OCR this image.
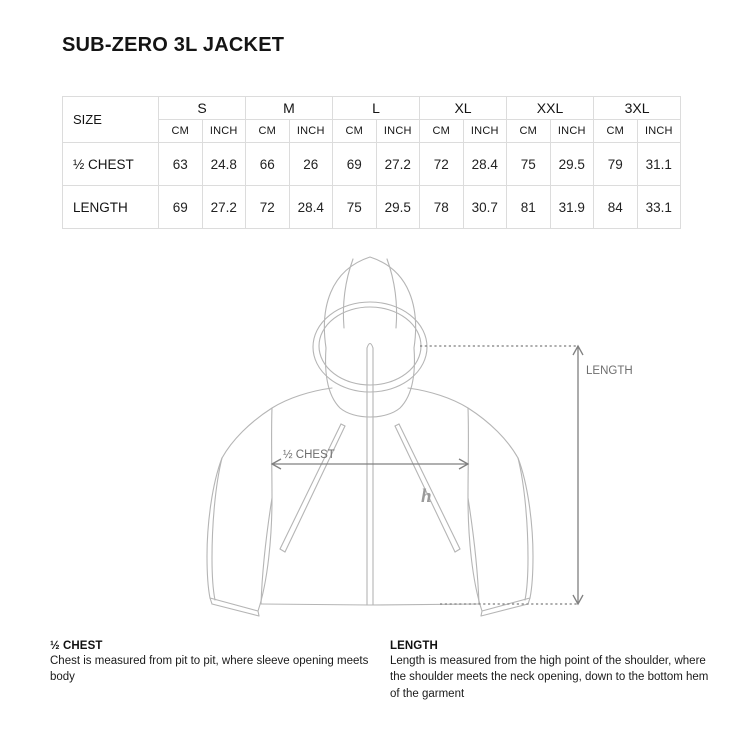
SUB-ZERO 3L JACKET
SIZE	S		M		L		XL		XXL		3XL	
	CM	INCH	CM	INCH	CM	INCH	CM	INCH	CM	INCH	CM	INCH
½ CHEST	63	24.8	66	26	69	27.2	72	28.4	75	29.5	79	31.1
LENGTH	69	27.2	72	28.4	75	29.5	78	30.7	81	31.9	84	33.1
h
½ CHEST
LENGTH

½ CHEST

Chest is measured from pit to pit, where sleeve opening meets body

LENGTH

Length is measured from the high point of the shoulder, where the shoulder meets the neck opening, down to the bottom hem of the garment
